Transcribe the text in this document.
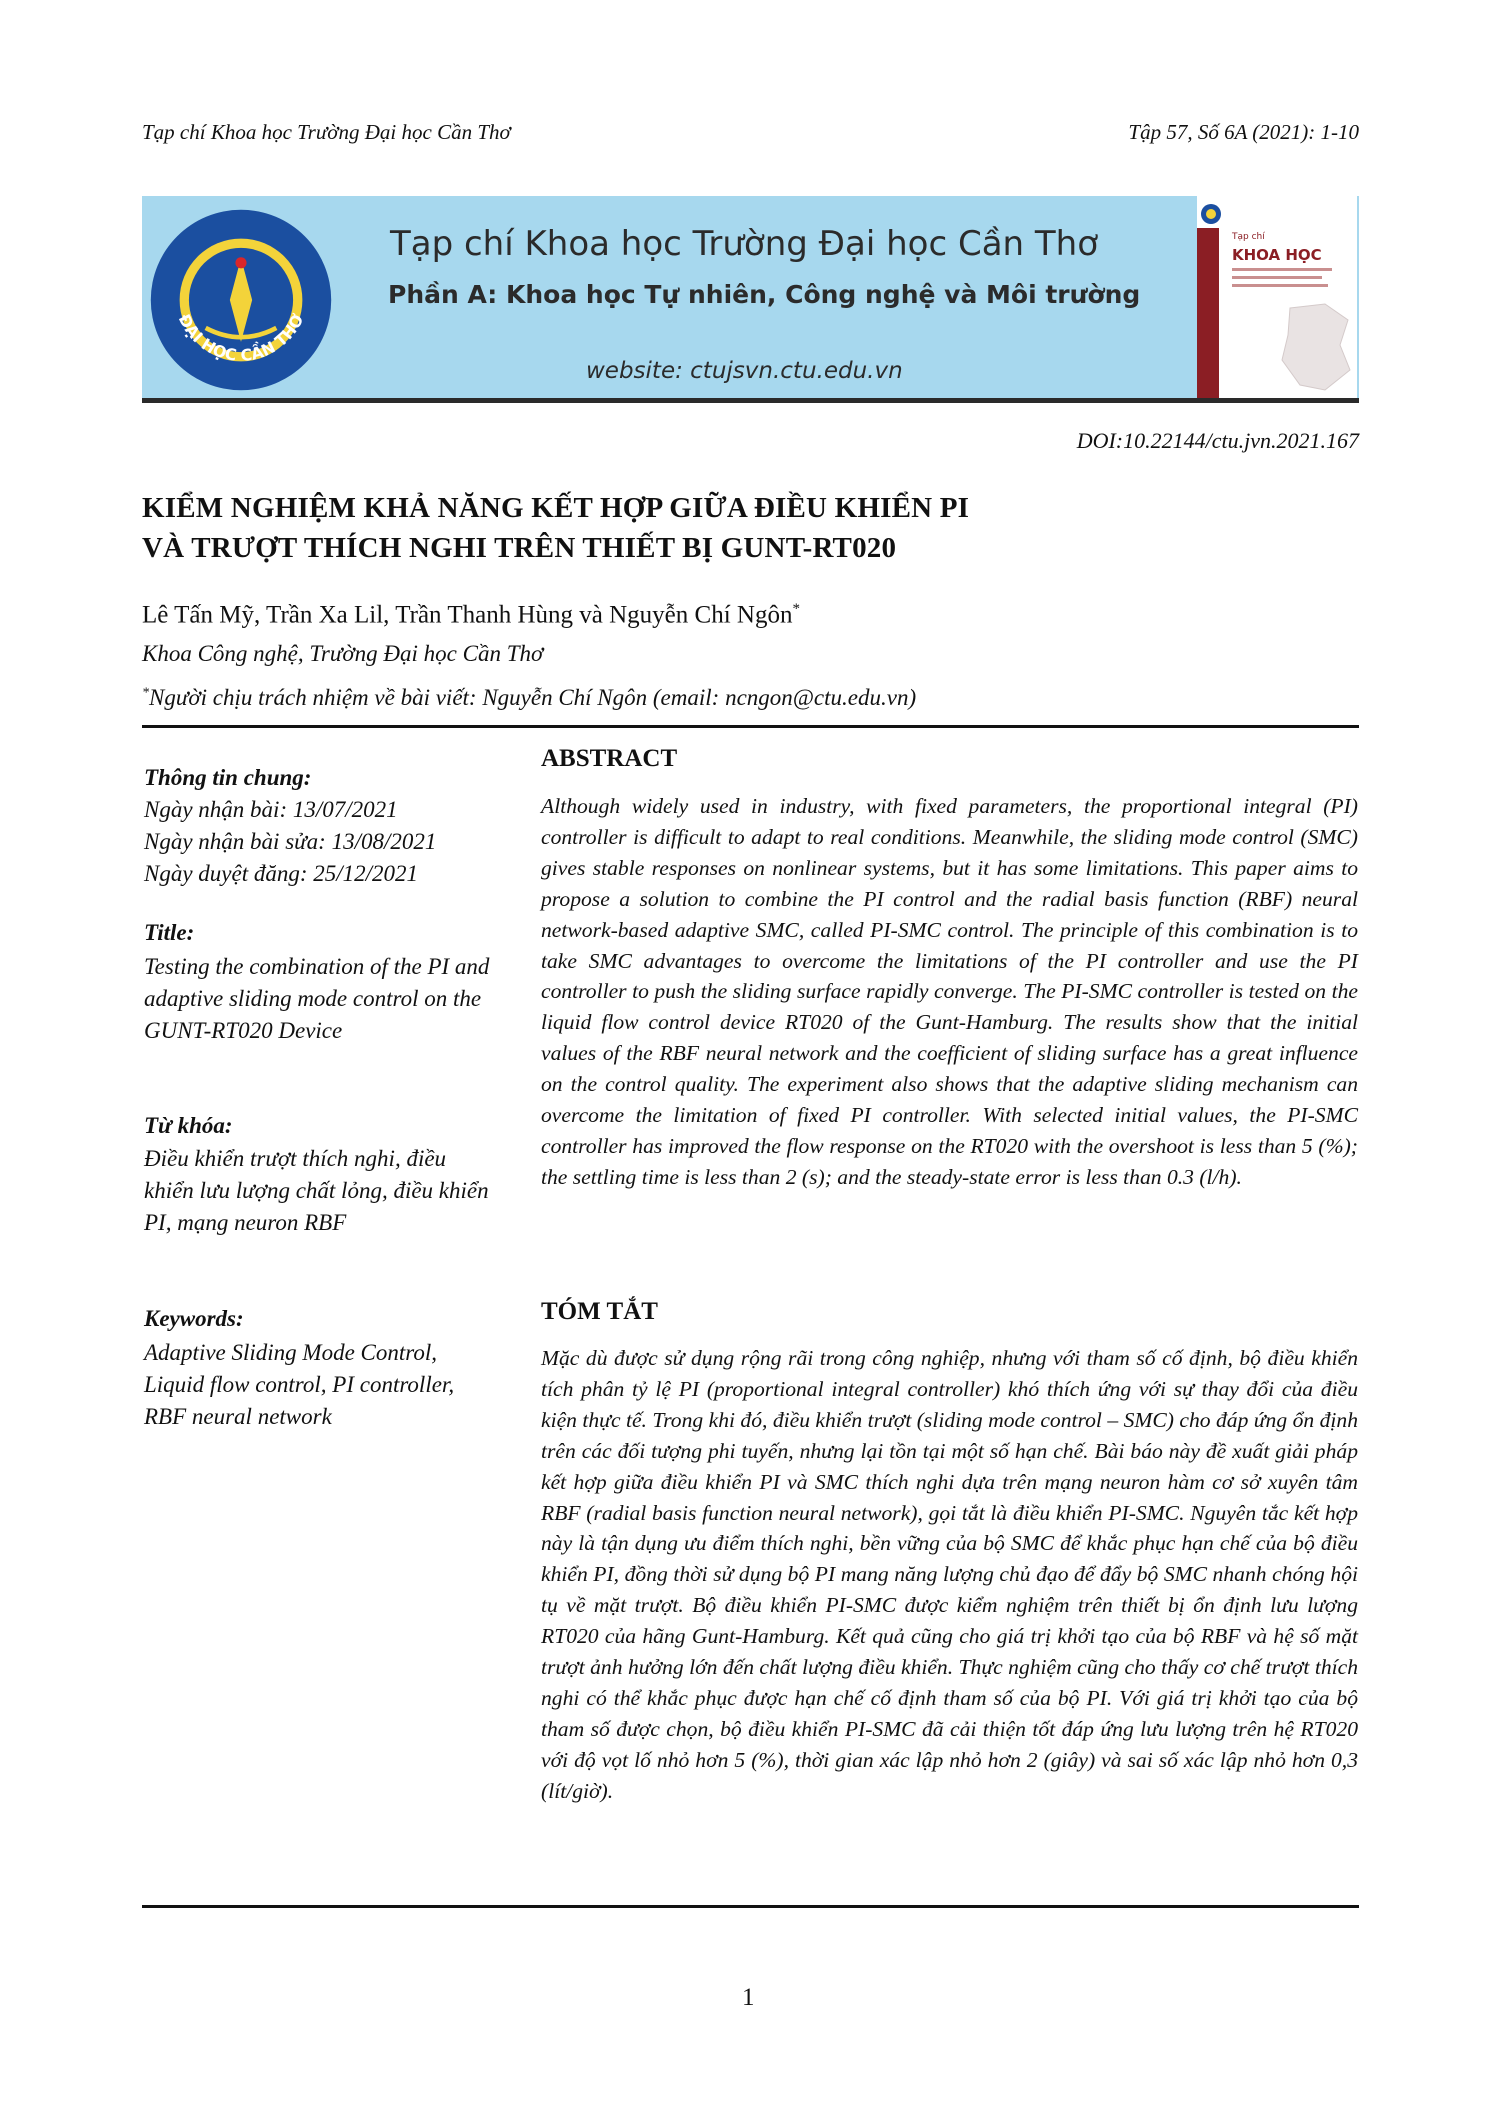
Tạp chí Khoa học Trường Đại học Cần Thơ	Tập 57, Số 6A (2021): 1-10
ĐẠI HỌC CẦN THƠ
Tạp chí Khoa học Trường Đại học Cần Thơ
Phần A: Khoa học Tự nhiên, Công nghệ và Môi trường
website: ctujsvn.ctu.edu.vn
Tạp chí
KHOA HỌC
DOI:10.22144/ctu.jvn.2021.167
KIỂM NGHIỆM KHẢ NĂNG KẾT HỢP GIỮA ĐIỀU KHIỂN PI
VÀ TRƯỢT THÍCH NGHI TRÊN THIẾT BỊ GUNT-RT020
Lê Tấn Mỹ, Trần Xa Lil, Trần Thanh Hùng và Nguyễn Chí Ngôn*
Khoa Công nghệ, Trường Đại học Cần Thơ
*Người chịu trách nhiệm về bài viết: Nguyễn Chí Ngôn (email: ncngon@ctu.edu.vn)
Thông tin chung:
Ngày nhận bài: 13/07/2021
Ngày nhận bài sửa: 13/08/2021
Ngày duyệt đăng: 25/12/2021
Title:
Testing the combination of the PI and adaptive sliding mode control on the GUNT-RT020 Device
Từ khóa:
Điều khiển trượt thích nghi, điều khiển lưu lượng chất lỏng, điều khiển PI, mạng neuron RBF
Keywords:
Adaptive Sliding Mode Control, Liquid flow control, PI controller, RBF neural network
ABSTRACT
Although widely used in industry, with fixed parameters, the proportional integral (PI) controller is difficult to adapt to real conditions. Meanwhile, the sliding mode control (SMC) gives stable responses on nonlinear systems, but it has some limitations. This paper aims to propose a solution to combine the PI control and the radial basis function (RBF) neural network-based adaptive SMC, called PI-SMC control. The principle of this combination is to take SMC advantages to overcome the limitations of the PI controller and use the PI controller to push the sliding surface rapidly converge. The PI-SMC controller is tested on the liquid flow control device RT020 of the Gunt-Hamburg. The results show that the initial values of the RBF neural network and the coefficient of sliding surface has a great influence on the control quality. The experiment also shows that the adaptive sliding mechanism can overcome the limitation of fixed PI controller. With selected initial values, the PI-SMC controller has improved the flow response on the RT020 with the overshoot is less than 5 (%); the settling time is less than 2 (s); and the steady-state error is less than 0.3 (l/h).
TÓM TẮT
Mặc dù được sử dụng rộng rãi trong công nghiệp, nhưng với tham số cố định, bộ điều khiển tích phân tỷ lệ PI (proportional integral controller) khó thích ứng với sự thay đổi của điều kiện thực tế. Trong khi đó, điều khiển trượt (sliding mode control – SMC) cho đáp ứng ổn định trên các đối tượng phi tuyến, nhưng lại tồn tại một số hạn chế. Bài báo này đề xuất giải pháp kết hợp giữa điều khiển PI và SMC thích nghi dựa trên mạng neuron hàm cơ sở xuyên tâm RBF (radial basis function neural network), gọi tắt là điều khiển PI-SMC. Nguyên tắc kết hợp này là tận dụng ưu điểm thích nghi, bền vững của bộ SMC để khắc phục hạn chế của bộ điều khiển PI, đồng thời sử dụng bộ PI mang năng lượng chủ đạo để đẩy bộ SMC nhanh chóng hội tụ về mặt trượt. Bộ điều khiển PI-SMC được kiểm nghiệm trên thiết bị ổn định lưu lượng RT020 của hãng Gunt-Hamburg. Kết quả cũng cho giá trị khởi tạo của bộ RBF và hệ số mặt trượt ảnh hưởng lớn đến chất lượng điều khiển. Thực nghiệm cũng cho thấy cơ chế trượt thích nghi có thể khắc phục được hạn chế cố định tham số của bộ PI. Với giá trị khởi tạo của bộ tham số được chọn, bộ điều khiển PI-SMC đã cải thiện tốt đáp ứng lưu lượng trên hệ RT020 với độ vọt lố nhỏ hơn 5 (%), thời gian xác lập nhỏ hơn 2 (giây) và sai số xác lập nhỏ hơn 0,3 (lít/giờ).
1
